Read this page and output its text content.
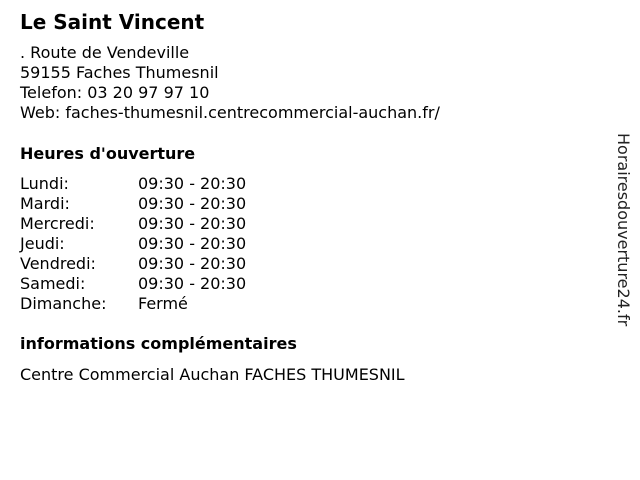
Le Saint Vincent
. Route de Vendeville
59155 Faches Thumesnil
Telefon: 03 20 97 97 10
Web: faches-thumesnil.centrecommercial-auchan.fr/
Heures d'ouverture
Lundi:	09:30 - 20:30
Mardi:	09:30 - 20:30
Mercredi:	09:30 - 20:30
Jeudi:	09:30 - 20:30
Vendredi:	09:30 - 20:30
Samedi:	09:30 - 20:30
Dimanche:	Fermé
informations complémentaires
Centre Commercial Auchan FACHES THUMESNIL
Horairesdouverture24.fr
